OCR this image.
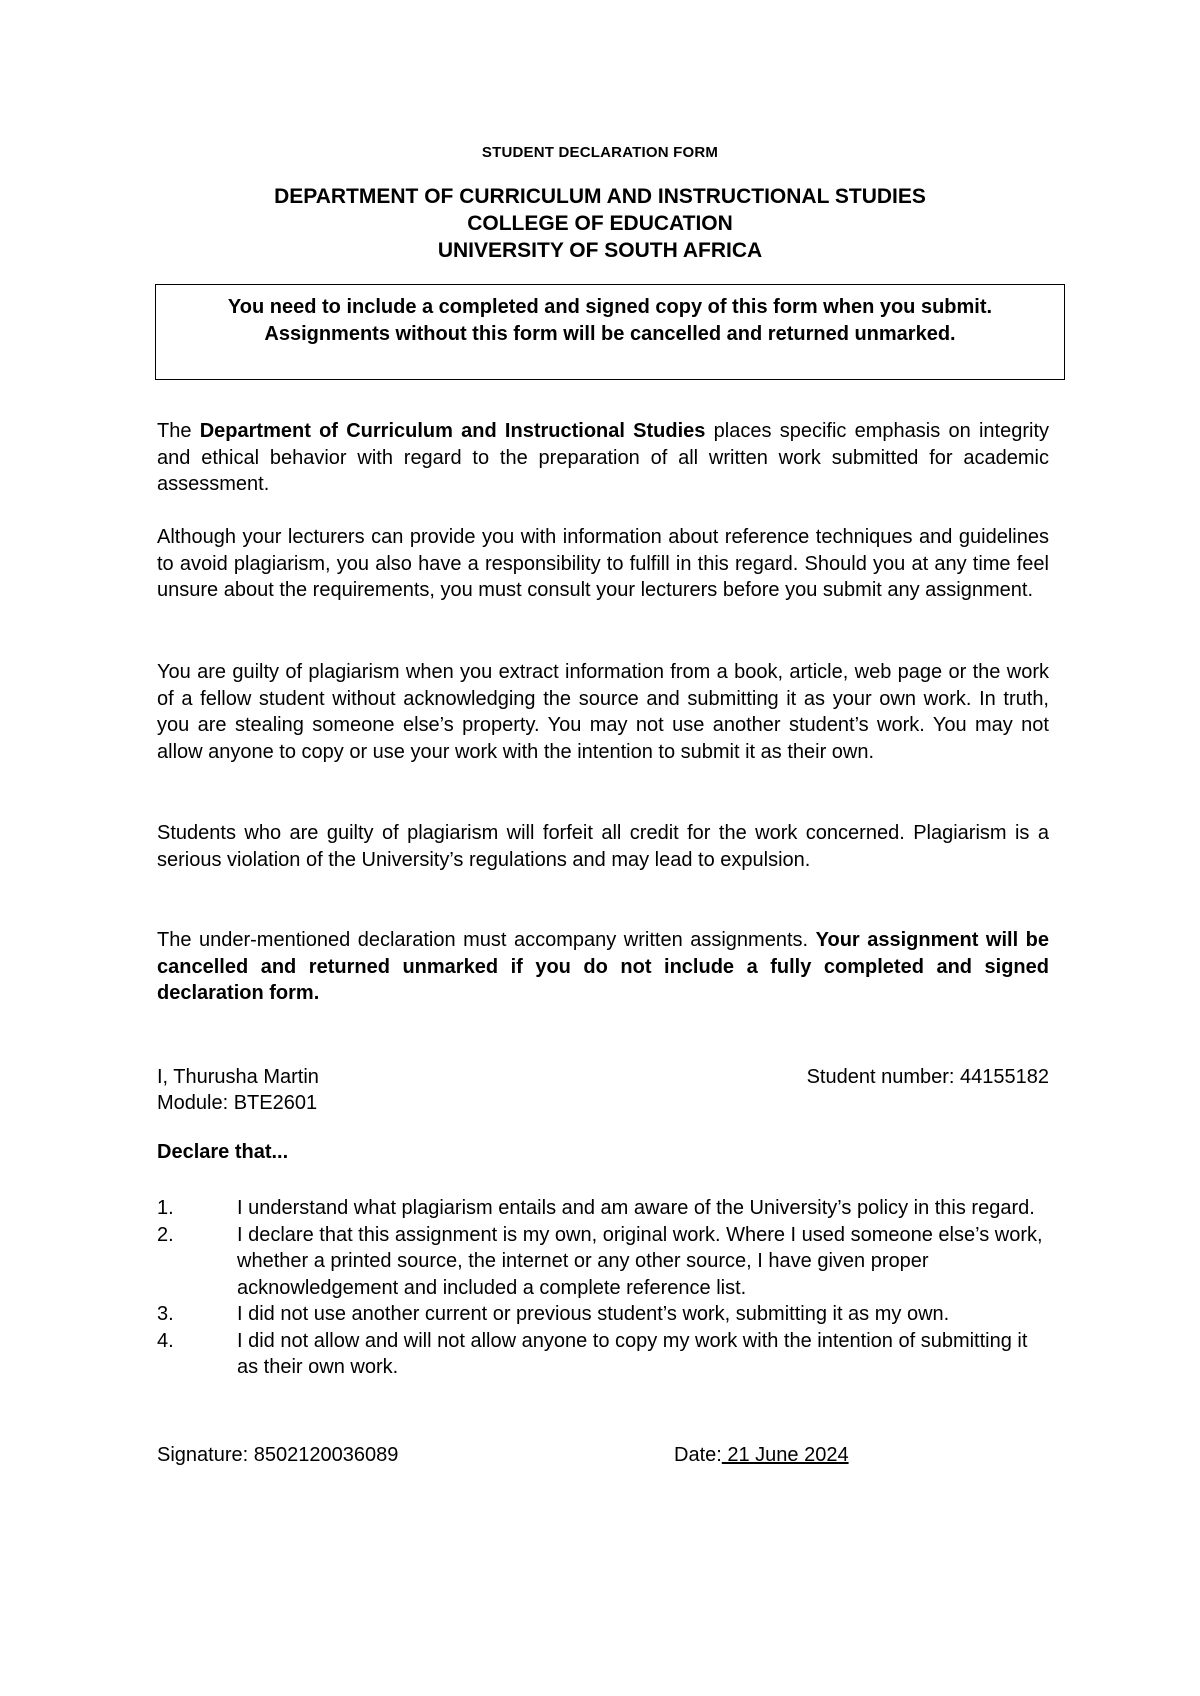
STUDENT DECLARATION FORM
DEPARTMENT OF CURRICULUM AND INSTRUCTIONAL STUDIES
COLLEGE OF EDUCATION
UNIVERSITY OF SOUTH AFRICA
You need to include a completed and signed copy of this form when you submit. Assignments without this form will be cancelled and returned unmarked.
The Department of Curriculum and Instructional Studies places specific emphasis on integrity and ethical behavior with regard to the preparation of all written work submitted for academic assessment.
Although your lecturers can provide you with information about reference techniques and guidelines to avoid plagiarism, you also have a responsibility to fulfill in this regard. Should you at any time feel unsure about the requirements, you must consult your lecturers before you submit any assignment.
You are guilty of plagiarism when you extract information from a book, article, web page or the work of a fellow student without acknowledging the source and submitting it as your own work. In truth, you are stealing someone else’s property. You may not use another student’s work. You may not allow anyone to copy or use your work with the intention to submit it as their own.
Students who are guilty of plagiarism will forfeit all credit for the work concerned. Plagiarism is a serious violation of the University’s regulations and may lead to expulsion.
The under-mentioned declaration must accompany written assignments. Your assignment will be cancelled and returned unmarked if you do not include a fully completed and signed declaration form.
I, Thurusha Martin	Student number: 44155182
Module: BTE2601
Declare that...
1.	I understand what plagiarism entails and am aware of the University’s policy in this regard.
2.	I declare that this assignment is my own, original work. Where I used someone else’s work, whether a printed source, the internet or any other source, I have given proper acknowledgement and included a complete reference list.
3.	I did not use another current or previous student’s work, submitting it as my own.
4.	I did not allow and will not allow anyone to copy my work with the intention of submitting it as their own work.
Signature: 8502120036089	Date: 21 June 2024
